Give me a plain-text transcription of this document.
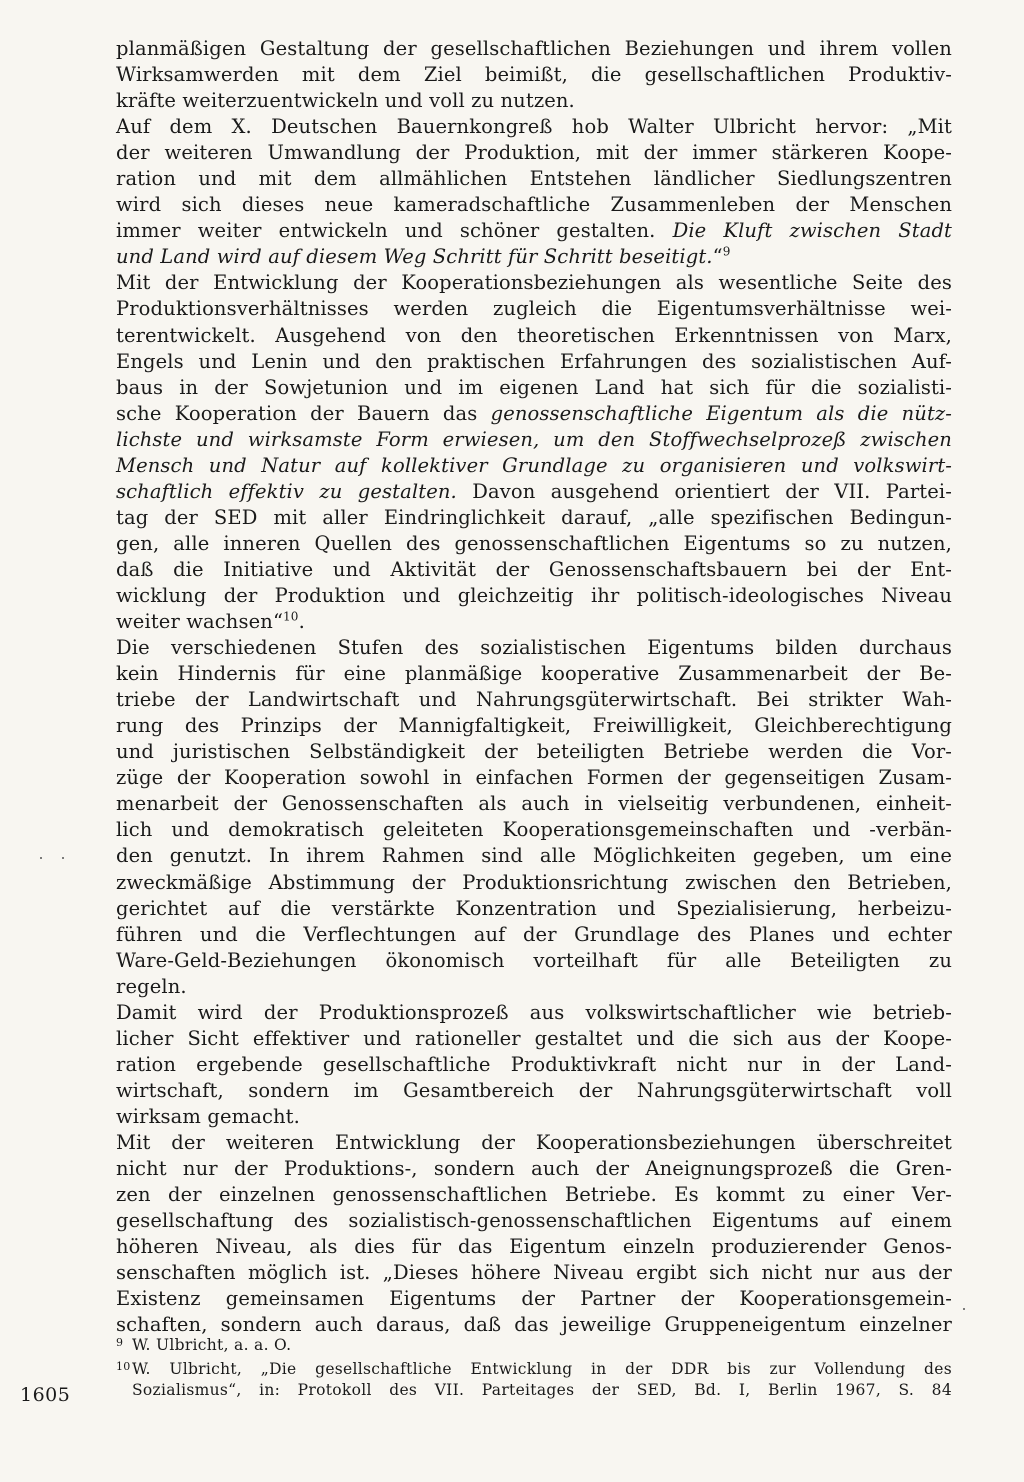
planmäßigen Gestaltung der gesellschaftlichen Beziehungen und ihrem vollen
Wirksamwerden mit dem Ziel beimißt, die gesellschaftlichen Produktiv-
kräfte weiterzuentwickeln und voll zu nutzen.

Auf dem X. Deutschen Bauernkongreß hob Walter Ulbricht hervor: „Mit
der weiteren Umwandlung der Produktion, mit der immer stärkeren Koope-
ration und mit dem allmählichen Entstehen ländlicher Siedlungszentren
wird sich dieses neue kameradschaftliche Zusammenleben der Menschen
immer weiter entwickeln und schöner gestalten. Die Kluft zwischen Stadt
und Land wird auf diesem Weg Schritt für Schritt beseitigt.“$^9$

Mit der Entwicklung der Kooperationsbeziehungen als wesentliche Seite des
Produktionsverhältnisses werden zugleich die Eigentumsverhältnisse wei-
terentwickelt. Ausgehend von den theoretischen Erkenntnissen von Marx,
Engels und Lenin und den praktischen Erfahrungen des sozialistischen Auf-
baus in der Sowjetunion und im eigenen Land hat sich für die sozialisti-
sche Kooperation der Bauern das genossenschaftliche Eigentum als die nütz-
lichste und wirksamste Form erwiesen, um den Stoffwechselprozeß zwischen
Mensch und Natur auf kollektiver Grundlage zu organisieren und volkswirt-
schaftlich effektiv zu gestalten. Davon ausgehend orientiert der VII. Partei-
tag der SED mit aller Eindringlichkeit darauf, „alle spezifischen Bedingun-
gen, alle inneren Quellen des genossenschaftlichen Eigentums so zu nutzen,
daß die Initiative und Aktivität der Genossenschaftsbauern bei der Ent-
wicklung der Produktion und gleichzeitig ihr politisch-ideologisches Niveau
weiter wachsen“$^{10}$.

Die verschiedenen Stufen des sozialistischen Eigentums bilden durchaus
kein Hindernis für eine planmäßige kooperative Zusammenarbeit der Be-
triebe der Landwirtschaft und Nahrungsgüterwirtschaft. Bei strikter Wah-
rung des Prinzips der Mannigfaltigkeit, Freiwilligkeit, Gleichberechtigung
und juristischen Selbständigkeit der beteiligten Betriebe werden die Vor-
züge der Kooperation sowohl in einfachen Formen der gegenseitigen Zusam-
menarbeit der Genossenschaften als auch in vielseitig verbundenen, einheit-
lich und demokratisch geleiteten Kooperationsgemeinschaften und -verbän-
den genutzt. In ihrem Rahmen sind alle Möglichkeiten gegeben, um eine
zweckmäßige Abstimmung der Produktionsrichtung zwischen den Betrieben,
gerichtet auf die verstärkte Konzentration und Spezialisierung, herbeizu-
führen und die Verflechtungen auf der Grundlage des Planes und echter
Ware-Geld-Beziehungen ökonomisch vorteilhaft für alle Beteiligten zu
regeln.

Damit wird der Produktionsprozeß aus volkswirtschaftlicher wie betrieb-
licher Sicht effektiver und rationeller gestaltet und die sich aus der Koope-
ration ergebende gesellschaftliche Produktivkraft nicht nur in der Land-
wirtschaft, sondern im Gesamtbereich der Nahrungsgüterwirtschaft voll
wirksam gemacht.

Mit der weiteren Entwicklung der Kooperationsbeziehungen überschreitet
nicht nur der Produktions-, sondern auch der Aneignungsprozeß die Gren-
zen der einzelnen genossenschaftlichen Betriebe. Es kommt zu einer Ver-
gesellschaftung des sozialistisch-genossenschaftlichen Eigentums auf einem
höheren Niveau, als dies für das Eigentum einzeln produzierender Genos-
senschaften möglich ist. „Dieses höhere Niveau ergibt sich nicht nur aus der
Existenz gemeinsamen Eigentums der Partner der Kooperationsgemein-
schaften, sondern auch daraus, daß das jeweilige Gruppeneigentum einzelner

9 W. Ulbricht, a. a. O.
10 W. Ulbricht, „Die gesellschaftliche Entwicklung in der DDR bis zur Vollendung des
Sozialismus“, in: Protokoll des VII. Parteitages der SED, Bd. I, Berlin 1967, S. 84
1605
